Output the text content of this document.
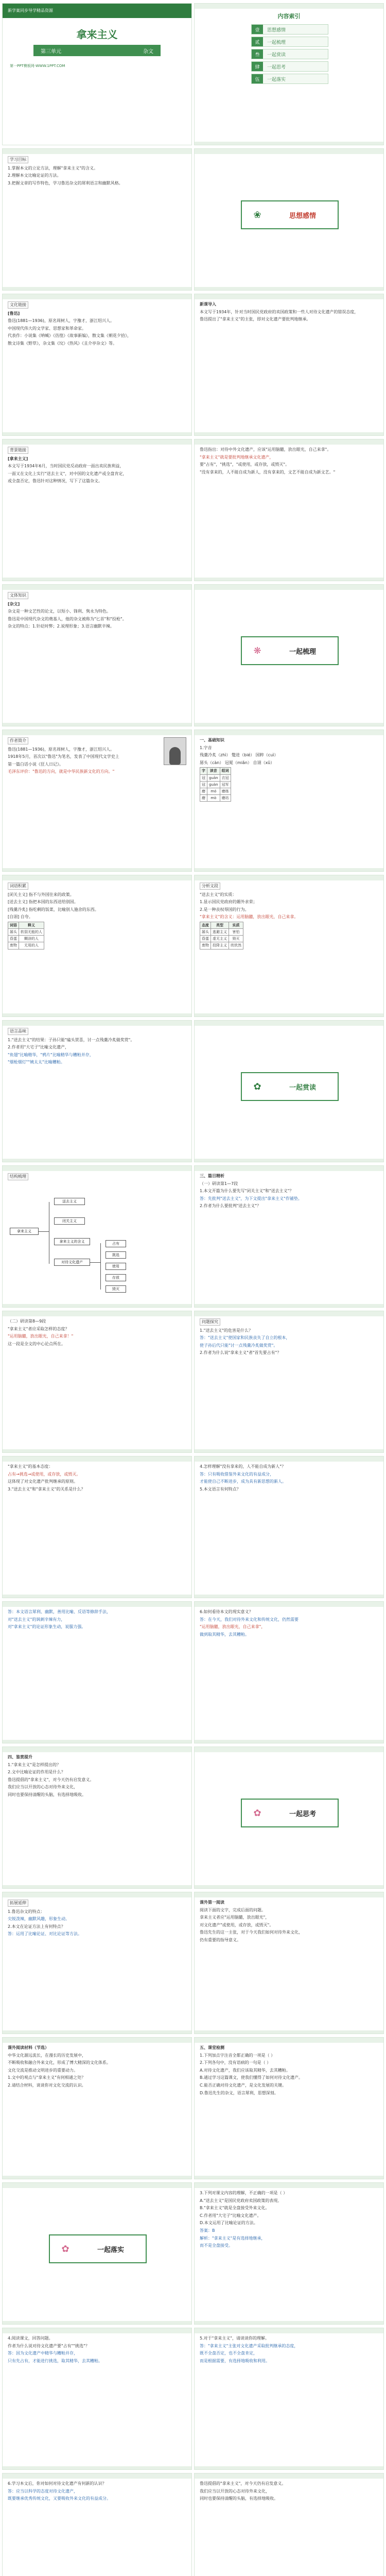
新学案同步导学精品资源
拿来主义
第三单元	杂文
第一PPT模板网-WWW.1PPT.COM
内容索引
壹	思想感情
贰	一起梳理
叁	一起赏读
肆	一起思考
伍	一起落实
学习目标

1.掌握本文的立论方法，理解"拿来主义"的含义。

2.理解本文比喻论证的方法。

3.把握文章的写作特色，学习鲁迅杂文的犀利语言和幽默风格。

❀	思想感情
文化链接

[鲁迅]

鲁迅(1881—1936)，原名周树人，字豫才，浙江绍兴人。

中国现代伟大的文学家、思想家和革命家。

代表作：小说集《呐喊》《彷徨》《故事新编》，散文集《朝花夕拾》，

散文诗集《野草》，杂文集《坟》《热风》《且介亭杂文》等。

新课导入

本文写于1934年，针对当时国民党政府的卖国政策和一些人对待文化遗产的错误态度，

鲁迅提出了"拿来主义"的主张，即对文化遗产要批判地继承。

背景链接

[拿来主义]

本文写于1934年6月，当时国民党反动政府一面出卖民族利益，

一面又在文化上实行"送去主义"，对中国的文化遗产或全盘肯定，

或全盘否定，鲁迅针对这种情况，写下了这篇杂文。

鲁迅指出：对待中外文化遗产，应该"运用脑髓，放出眼光，自己来拿"。

"拿来主义"就是要批判地继承文化遗产，

要"占有"，"挑选"，"或使用，或存放，或毁灭"。

"没有拿来的，人不能自成为新人，没有拿来的，文艺不能自成为新文艺。"

文体知识

[杂文]

杂文是一种文艺性的论文，以短小、锋利、隽永为特色。

鲁迅是中国现代杂文的奠基人，他的杂文被称为"匕首"和"投枪"。

杂文的特点：1.针砭时弊；2.说理形象；3.语言幽默辛辣。

❋	一起梳理
作者简介

鲁迅(1881—1936)，原名周树人，字豫才，浙江绍兴人。

1918年5月，首次以"鲁迅"为笔名，发表了中国现代文学史上

第一篇白话小说《狂人日记》。

毛泽东评价："鲁迅的方向，就是中华民族新文化的方向。"

一、基础知识

1.字音

残羹冷炙（zhì） 蹩进（bié） 国粹（cuì）

孱头（càn） 冠冕（miǎn） 自诩（xǔ）

字	读音	组词
冠	guān	衣冠
冠	guàn	冠军
磨	mó	磨练
磨	mò	磨坊
词语积累

[闭关主义] 指不与外国往来的政策。

[送去主义] 指把本国的东西送给别国。

[残羹冷炙] 指吃剩的饭菜，比喻别人施舍的东西。

[自诩] 自夸。

词语	释义
孱头	软弱无能的人
昏蛋	糊涂的人
废物	无用的人
分析文段

"送去主义"的实质：

1.显示国民党政府的媚外求荣；

2.是一种丧权辱国的行为。

"拿来主义"的含义：运用脑髓，放出眼光，自己来拿。

态度	类型	实质
孱头	逃避主义	害怕
昏蛋	虚无主义	毁灭
废物	投降主义	欣欣然
语言品味

1."送去主义"的结果：子孙只能"磕头贺喜，讨一点残羹冷炙做奖赏"。

2.作者用"大宅子"比喻文化遗产，

"鱼翅"比喻精华，"鸦片"比喻精华与糟粕并存，

"烟枪烟灯""姨太太"比喻糟粕。

✿	一起赏读
结构梳理
拿来主义
送去主义
闭关主义
拿来主义的含义
对待文化遗产
占有
挑选
使用
存放
毁灭

三、篇目精析

（一）研读第1—7段

1.本文开篇为什么要先写"闭关主义"和"送去主义"？

答：先批判"送去主义"，为下文提出"拿来主义"作铺垫。

2.作者为什么要批判"送去主义"？

（二）研读第8—9段

"拿来主义"者应采取怎样的态度？

"运用脑髓，放出眼光，自己来拿！"

这一段是全文的中心论点所在。

问题探究

1."送去主义"的危害是什么？

答："送去主义"使国家和民族丧失了自立的根本，

使子孙后代只能"讨一点残羹冷炙做奖赏"。

2.作者为什么说"拿来主义"者"首先要占有"？

"拿来主义"的基本态度：

占有→挑选→或使用，或存放，或毁灭。

这体现了对文化遗产批判继承的原则。

3."送去主义"和"拿来主义"的关系是什么？

4.怎样理解"没有拿来的，人不能自成为新人"？

答：只有吸收借鉴外来文化的有益成分，

才能使自己不断进步，成为具有新思想的新人。

5.本文语言有何特点？

答：本文语言犀利、幽默，善用比喻、反语等修辞手法，

对"送去主义"的讽刺辛辣有力，

对"拿来主义"的论证形象生动，说服力强。

6.如何看待本文的现实意义？

答：在今天，我们对待外来文化和传统文化，仍然需要

"运用脑髓，放出眼光，自己来拿"，

做到取其精华，去其糟粕。

四、鉴赏提升

1."拿来主义"是怎样提出的？

2.文中比喻论证的作用是什么？

鲁迅提倡的"拿来主义"，对今天仍有启发意义。

我们应当以开放的心态对待外来文化，

同时也要保持清醒的头脑，有选择地吸收。

✿	一起思考
拓展延伸

1.鲁迅杂文的特点：

尖锐泼辣，幽默风趣，形象生动。

2.本文在论证方法上有何特点？

答：运用了比喻论证、对比论证等方法。

课外第一阅读

阅读下面的文字，完成后面的问题。

拿来主义者应"运用脑髓，放出眼光"，

对文化遗产"或使用，或存放，或毁灭"。

鲁迅先生的这一主张，对于今天我们如何对待外来文化，

仍有重要的指导意义。

课外阅读材料（节选）

中华文化源远流长，在漫长的历史发展中，

不断吸收和融合外来文化，形成了博大精深的文化体系。

文化交流是推动文明进步的重要动力。

1.文中的观点与"拿来主义"有何相通之处？

2.请结合材料，谈谈你对文化交流的认识。

五、课堂检测

1.下列加点字注音全都正确的一项是（ ）

2.下列各句中，没有语病的一句是（ ）

A.对待文化遗产，我们应该取其精华，去其糟粕。

B.通过学习这篇课文，使我们懂得了如何对待文化遗产。

C.能否正确对待文化遗产，是文化发展的关键。

D.鲁迅先生的杂文，语言犀利，思想深刻。

✿	一起落实

3.下列对课文内容的理解，不正确的一项是（ ）

A."送去主义"是国民党政府卖国政策的表现。

B."拿来主义"就是全盘接受外来文化。

C.作者用"大宅子"比喻文化遗产。

D.本文运用了比喻论证的方法。

答案：B

解析："拿来主义"是有选择地继承，

而不是全盘接受。

4.阅读课文，回答问题。

作者为什么说对待文化遗产要"占有""挑选"？

答：因为文化遗产中精华与糟粕并存，

只有先占有，才能进行挑选，取其精华，去其糟粕。

5.对于"拿来主义"，请谈谈你的理解。

答："拿来主义"主张对文化遗产采取批判继承的态度，

既不全盘否定，也不全盘肯定，

而是根据需要，有选择地吸收和利用。

6.学习本文后，你对如何对待文化遗产有何新的认识？

答：应当以科学的态度对待文化遗产，

既要继承优秀传统文化，又要吸收外来文化的有益成分。

鲁迅提倡的"拿来主义"，对今天仍有启发意义。

我们应当以开放的心态对待外来文化，

同时也要保持清醒的头脑，有选择地吸收。
